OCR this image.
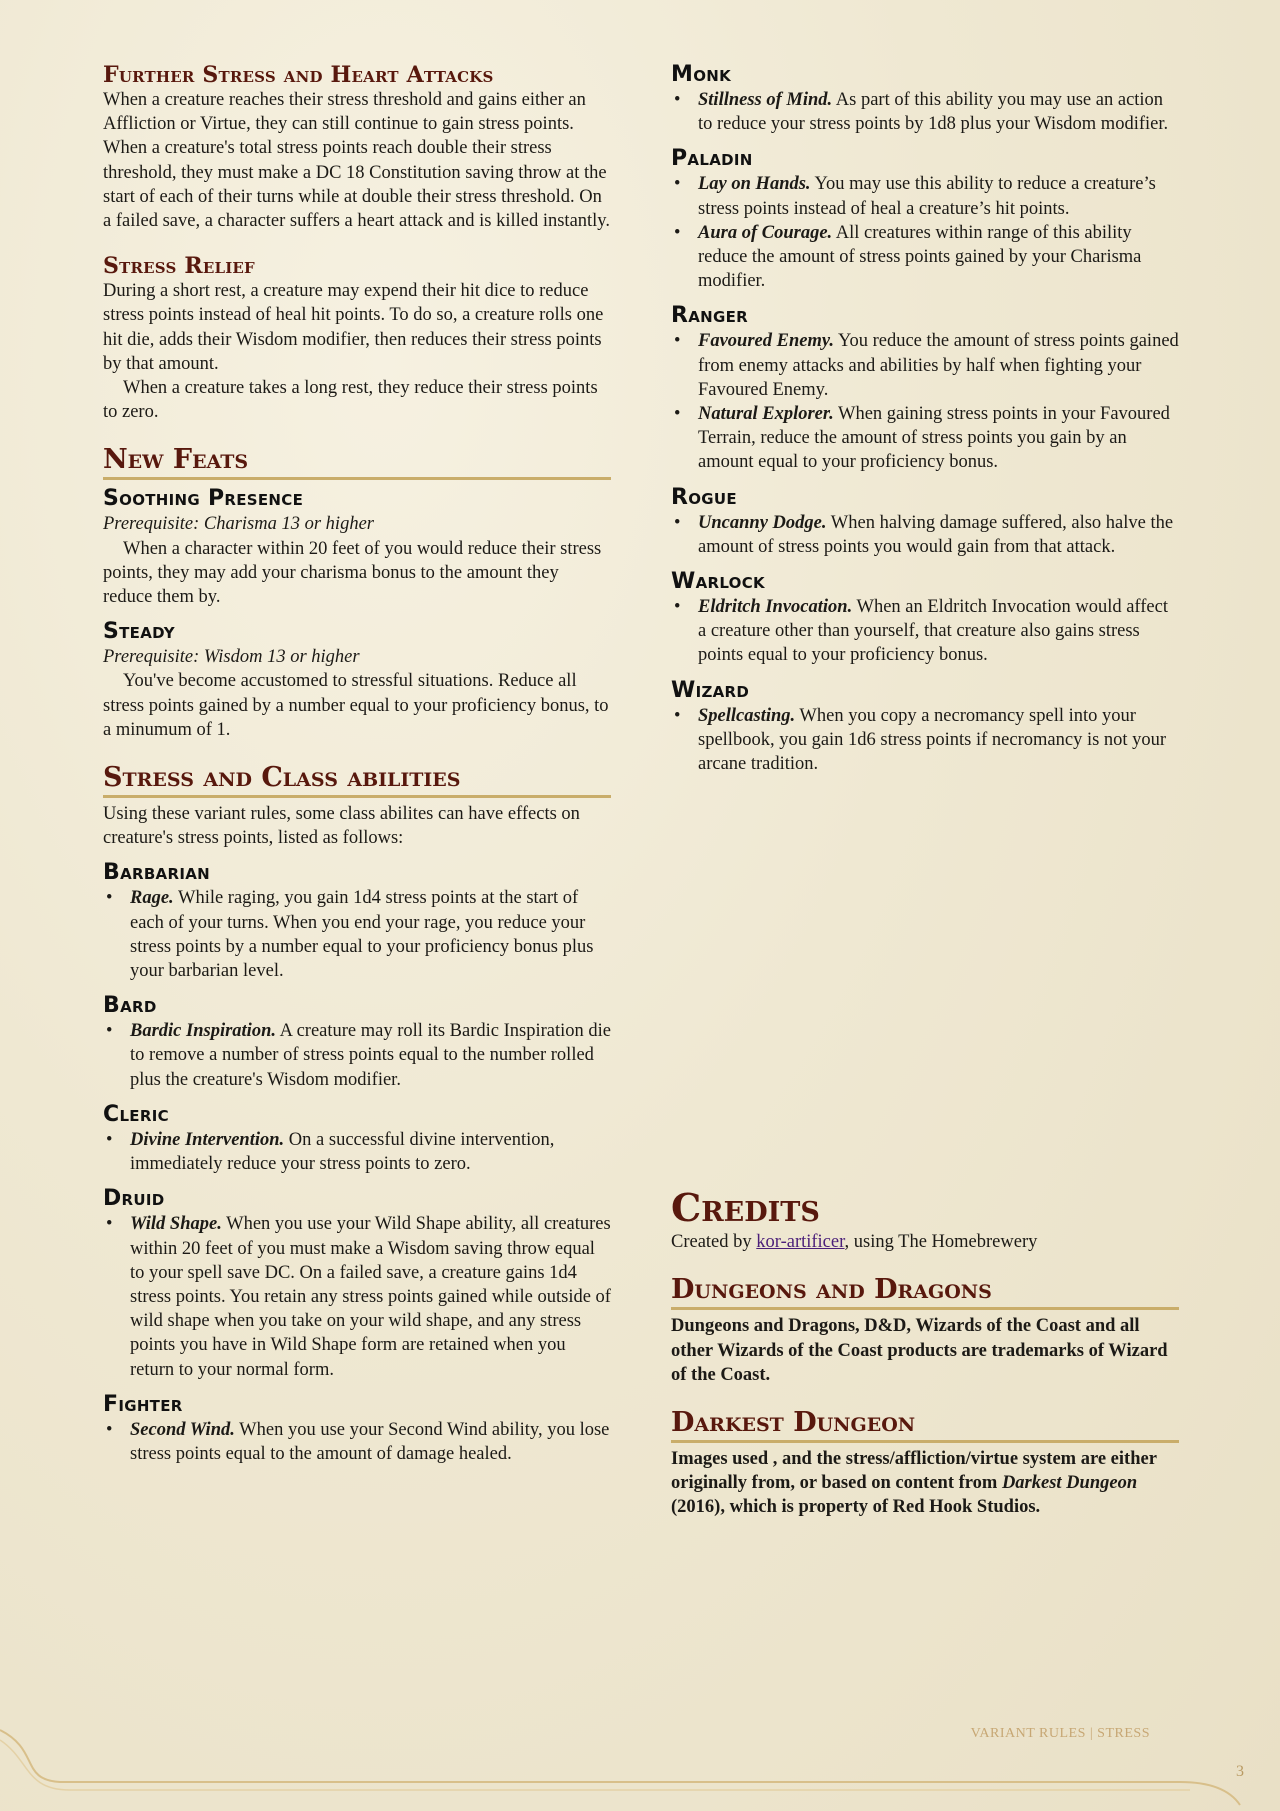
Further Stress and Heart Attacks

When a creature reaches their stress threshold and gains either an Affliction or Virtue, they can still continue to gain stress points. When a creature's total stress points reach double their stress threshold, they must make a DC 18 Constitution saving throw at the start of each of their turns while at double their stress threshold. On a failed save, a character suffers a heart attack and is killed instantly.

Stress Relief

During a short rest, a creature may expend their hit dice to reduce stress points instead of heal hit points. To do so, a creature rolls one hit die, adds their Wisdom modifier, then reduces their stress points by that amount.

When a creature takes a long rest, they reduce their stress points to zero.

New Feats
Soothing Presence

Prerequisite: Charisma 13 or higher

When a character within 20 feet of you would reduce their stress points, they may add your charisma bonus to the amount they reduce them by.

Steady

Prerequisite: Wisdom 13 or higher

You've become accustomed to stressful situations. Reduce all stress points gained by a number equal to your proficiency bonus, to a minumum of 1.

Stress and Class abilities

Using these variant rules, some class abilites can have effects on creature's stress points, listed as follows:

Barbarian
• Rage. While raging, you gain 1d4 stress points at the start of each of your turns. When you end your rage, you reduce your stress points by a number equal to your proficiency bonus plus your barbarian level.
Bard
• Bardic Inspiration. A creature may roll its Bardic Inspiration die to remove a number of stress points equal to the number rolled plus the creature's Wisdom modifier.
Cleric
• Divine Intervention. On a successful divine intervention, immediately reduce your stress points to zero.
Druid
• Wild Shape. When you use your Wild Shape ability, all creatures within 20 feet of you must make a Wisdom saving throw equal to your spell save DC. On a failed save, a creature gains 1d4 stress points. You retain any stress points gained while outside of wild shape when you take on your wild shape, and any stress points you have in Wild Shape form are retained when you return to your normal form.
Fighter
• Second Wind. When you use your Second Wind ability, you lose stress points equal to the amount of damage healed.
Monk
• Stillness of Mind. As part of this ability you may use an action to reduce your stress points by 1d8 plus your Wisdom modifier.
Paladin
• Lay on Hands. You may use this ability to reduce a creature’s stress points instead of heal a creature’s hit points.
• Aura of Courage. All creatures within range of this ability reduce the amount of stress points gained by your Charisma modifier.
Ranger
• Favoured Enemy. You reduce the amount of stress points gained from enemy attacks and abilities by half when fighting your Favoured Enemy.
• Natural Explorer. When gaining stress points in your Favoured Terrain, reduce the amount of stress points you gain by an amount equal to your proficiency bonus.
Rogue
• Uncanny Dodge. When halving damage suffered, also halve the amount of stress points you would gain from that attack.
Warlock
• Eldritch Invocation. When an Eldritch Invocation would affect a creature other than yourself, that creature also gains stress points equal to your proficiency bonus.
Wizard
• Spellcasting. When you copy a necromancy spell into your spellbook, you gain 1d6 stress points if necromancy is not your arcane tradition.
Credits

Created by kor-artificer, using The Homebrewery

Dungeons and Dragons

Dungeons and Dragons, D&D, Wizards of the Coast and all other Wizards of the Coast products are trademarks of Wizard of the Coast.

Darkest Dungeon

Images used , and the stress/affliction/virtue system are either originally from, or based on content from Darkest Dungeon (2016), which is property of Red Hook Studios.

VARIANT RULES | STRESS
3
